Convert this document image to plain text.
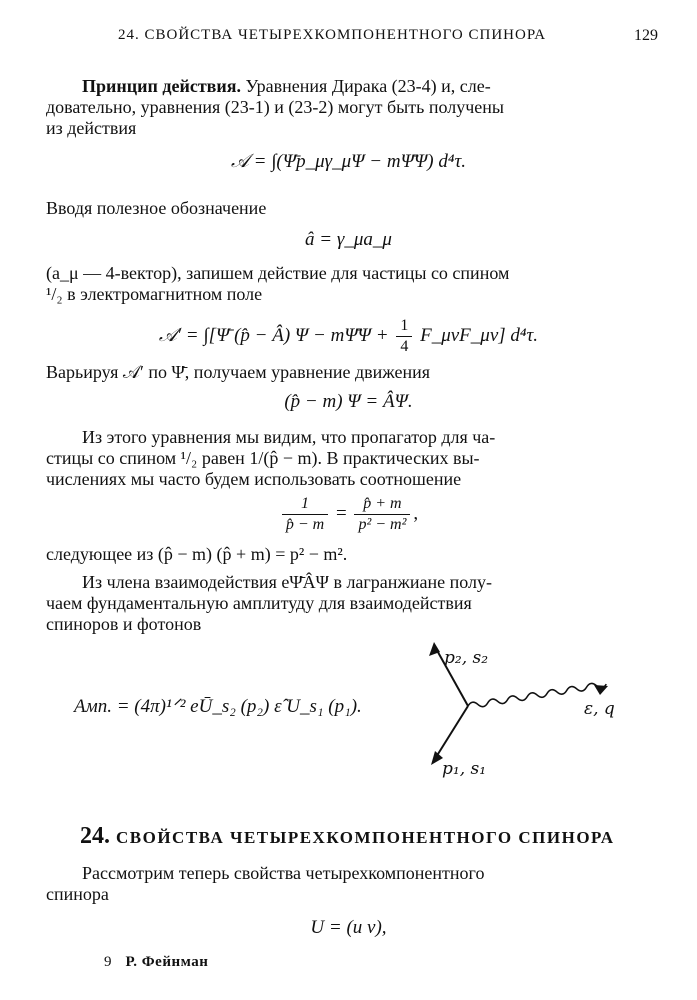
24. СВОЙСТВА ЧЕТЫРЕХКОМПОНЕНТНОГО СПИНОРА	129
Принцип действия. Уравнения Дирака (23-4) и, сле-
довательно, уравнения (23-1) и (23-2) могут быть получены
из действия
𝒜 = ∫(Ψ̄p_μγ_μΨ − mΨ̄Ψ) d⁴τ.
Вводя полезное обозначение
â = γ_μa_μ
(a_μ — 4-вектор), запишем действие для частицы со спином
¹/₂ в электромагнитном поле
𝒜′ = ∫[Ψ̄ (p̂ − Â) Ψ − mΨ̄Ψ + $\frac{1}{4}$ F_μνF_μν] d⁴τ.
Варьируя 𝒜′ по Ψ̄, получаем уравнение движения
(p̂ − m) Ψ = ÂΨ.
Из этого уравнения мы видим, что пропагатор для ча-
стицы со спином ¹/₂ равен 1/(p̂ − m). В практических вы-
числениях мы часто будем использовать соотношение
$\frac{1}{p̂ - m} = \frac{p̂ + m}{\text{p² − m²}}$ ,
следующее из (p̂ − m) (p̂ + m) = p² − m².
Из члена взаимодействия eΨ̄ÂΨ в лагранжиане полу-
чаем фундаментальную амплитуду для взаимодействия
спиноров и фотонов
Амп. = (4π)¹ᐟ² eŪ_s₂ (p₂) ε̂ U_s₁ (p₁).
p₂, s₂
p₁, s₁
ε, q
24. СВОЙСТВА ЧЕТЫРЕХКОМПОНЕНТНОГО СПИНОРА
Рассмотрим теперь свойства четырехкомпонентного
спинора
U = (u v),
9 Р. Фейнман
